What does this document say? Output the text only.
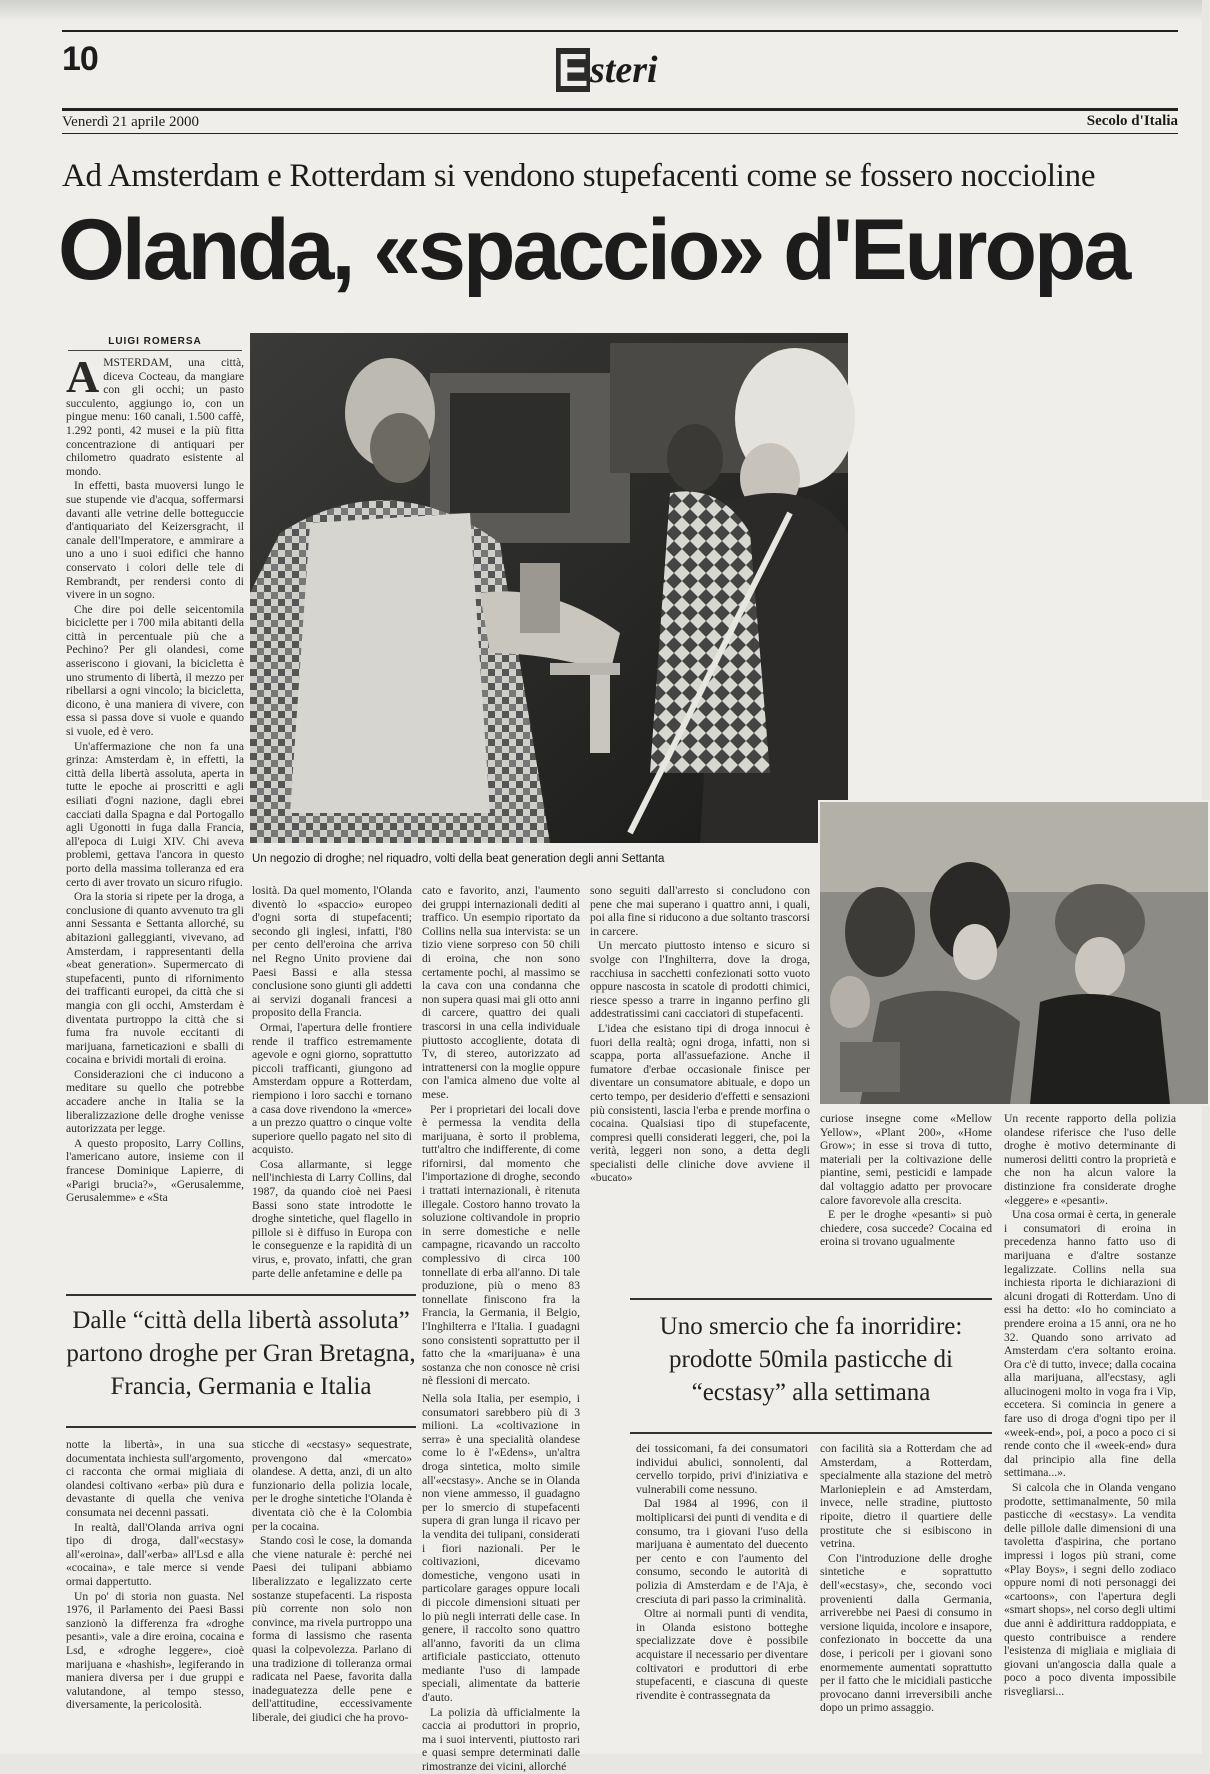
10	E steri
Venerdì 21 aprile 2000	Secolo d'Italia
Ad Amsterdam e Rotterdam si vendono stupefacenti come se fossero noccioline
Olanda, «spaccio» d'Europa
LUIGI ROMERSA
A MSTERDAM, una città, diceva Cocteau, da mangiare con gli occhi; un pasto succulento, aggiungo io, con un pingue menu: 160 canali, 1.500 caffè, 1.292 ponti, 42 musei e la più fitta concentrazione di antiquari per chilometro quadrato esistente al mondo.

In effetti, basta muoversi lungo le sue stupende vie d'acqua, soffermarsi davanti alle vetrine delle botteguccie d'antiquariato del Keizersgracht, il canale dell'Imperatore, e ammirare a uno a uno i suoi edifici che hanno conservato i colori delle tele di Rembrandt, per rendersi conto di vivere in un sogno.

Che dire poi delle seicentomila biciclette per i 700 mila abitanti della città in percentuale più che a Pechino? Per gli olandesi, come asseriscono i giovani, la bicicletta è uno strumento di libertà, il mezzo per ribellarsi a ogni vincolo; la bicicletta, dicono, è una maniera di vivere, con essa si passa dove si vuole e quando si vuole, ed è vero.

Un'affermazione che non fa una grinza: Amsterdam è, in effetti, la città della libertà assoluta, aperta in tutte le epoche ai proscritti e agli esiliati d'ogni nazione, dagli ebrei cacciati dalla Spagna e dal Portogallo agli Ugonotti in fuga dalla Francia, all'epoca di Luigi XIV. Chi aveva problemi, gettava l'ancora in questo porto della massima tolleranza ed era certo di aver trovato un sicuro rifugio.

Ora la storia si ripete per la droga, a conclusione di quanto avvenuto tra gli anni Sessanta e Settanta allorché, su abitazioni galleggianti, vivevano, ad Amsterdam, i rappresentanti della «beat generation». Supermercato di stupefacenti, punto di rifornimento dei trafficanti europei, da città che si mangia con gli occhi, Amsterdam è diventata purtroppo la città che si fuma fra nuvole eccitanti di marijuana, farneticazioni e sballi di cocaina e brividi mortali di eroina.

Considerazioni che ci inducono a meditare su quello che potrebbe accadere anche in Italia se la liberalizzazione delle droghe venisse autorizzata per legge.

A questo proposito, Larry Collins, l'americano autore, insieme con il francese Dominique Lapierre, di «Parigi brucia?», «Gerusalemme, Gerusalemme» e «Sta

Un negozio di droghe; nel riquadro, volti della beat generation degli anni Settanta

losità. Da quel momento, l'Olanda diventò lo «spaccio» europeo d'ogni sorta di stupefacenti; secondo gli inglesi, infatti, l'80 per cento dell'eroina che arriva nel Regno Unito proviene dai Paesi Bassi e alla stessa conclusione sono giunti gli addetti ai servizi doganali francesi a proposito della Francia.

Ormai, l'apertura delle frontiere rende il traffico estremamente agevole e ogni giorno, soprattutto piccoli trafficanti, giungono ad Amsterdam oppure a Rotterdam, riempiono i loro sacchi e tornano a casa dove rivendono la «merce» a un prezzo quattro o cinque volte superiore quello pagato nel sito di acquisto.

Cosa allarmante, si legge nell'inchiesta di Larry Collins, dal 1987, da quando cioè nei Paesi Bassi sono state introdotte le droghe sintetiche, quel flagello in pillole si è diffuso in Europa con le conseguenze e la rapidità di un virus, e, provato, infatti, che gran parte delle anfetamine e delle pa

cato e favorito, anzi, l'aumento dei gruppi internazionali dediti al traffico. Un esempio riportato da Collins nella sua intervista: se un tizio viene sorpreso con 50 chili di eroina, che non sono certamente pochi, al massimo se la cava con una condanna che non supera quasi mai gli otto anni di carcere, quattro dei quali trascorsi in una cella individuale piuttosto accogliente, dotata di Tv, di stereo, autorizzato ad intrattenersi con la moglie oppure con l'amica almeno due volte al mese.

Per i proprietari dei locali dove è permessa la vendita della marijuana, è sorto il problema, tutt'altro che indifferente, di come rifornirsi, dal momento che l'importazione di droghe, secondo i trattati internazionali, è ritenuta illegale. Costoro hanno trovato la soluzione coltivandole in proprio in serre domestiche e nelle campagne, ricavando un raccolto complessivo di circa 100 tonnellate di erba all'anno. Di tale produzione, più o meno 83 tonnellate finiscono fra la Francia, la Germania, il Belgio, l'Inghilterra e l'Italia. I guadagni sono consistenti soprattutto per il fatto che la «marijuana» è una sostanza che non conosce nè crisi nè flessioni di mercato.

sono seguiti dall'arresto si concludono con pene che mai superano i quattro anni, i quali, poi alla fine si riducono a due soltanto trascorsi in carcere.

Un mercato piuttosto intenso e sicuro si svolge con l'Inghilterra, dove la droga, racchiusa in sacchetti confezionati sotto vuoto oppure nascosta in scatole di prodotti chimici, riesce spesso a trarre in inganno perfino gli addestratissimi cani cacciatori di stupefacenti.

L'idea che esistano tipi di droga innocui è fuori della realtà; ogni droga, infatti, non si scappa, porta all'assuefazione. Anche il fumatore d'erbae occasionale finisce per diventare un consumatore abituale, e dopo un certo tempo, per desiderio d'effetti e sensazioni più consistenti, lascia l'erba e prende morfina o cocaina. Qualsiasi tipo di stupefacente, compresi quelli considerati leggeri, che, poi la verità, leggeri non sono, a detta degli specialisti delle cliniche dove avviene il «bucato»

curiose insegne come «Mellow Yellow», «Plant 200», «Home Grow»; in esse si trova di tutto, materiali per la coltivazione delle piantine, semi, pesticidi e lampade dal voltaggio adatto per provocare calore favorevole alla crescita.

E per le droghe «pesanti» si può chiedere, cosa succede? Cocaina ed eroina si trovano ugualmente

Un recente rapporto della polizia olandese riferisce che l'uso delle droghe è motivo determinante di numerosi delitti contro la proprietà e che non ha alcun valore la distinzione fra considerate droghe «leggere» e «pesanti».

Una cosa ormai è certa, in generale i consumatori di eroina in precedenza hanno fatto uso di marijuana e d'altre sostanze legalizzate. Collins nella sua inchiesta riporta le dichiarazioni di alcuni drogati di Rotterdam. Uno di essi ha detto: «Io ho cominciato a prendere eroina a 15 anni, ora ne ho 32. Quando sono arrivato ad Amsterdam c'era soltanto eroina. Ora c'è di tutto, invece; dalla cocaina alla marijuana, all'ecstasy, agli allucinogeni molto in voga fra i Vip, eccetera. Si comincia in genere a fare uso di droga d'ogni tipo per il «week-end», poi, a poco a poco ci si rende conto che il «week-end» dura dal principio alla fine della settimana...».

Si calcola che in Olanda vengano prodotte, settimanalmente, 50 mila pasticche di «ecstasy». La vendita delle pillole dalle dimensioni di una tavoletta d'aspirina, che portano impressi i logos più strani, come «Play Boys», i segni dello zodiaco oppure nomi di noti personaggi dei «cartoons», con l'apertura degli «smart shops», nel corso degli ultimi due anni è addirittura raddoppiata, e questo contribuisce a rendere l'esistenza di migliaia e migliaia di giovani un'angoscia dalla quale a poco a poco diventa impossibile risvegliarsi...

Dalle “città della libertà assoluta” partono droghe per Gran Bretagna, Francia, Germania e Italia
Uno smercio che fa inorridire: prodotte 50mila pasticche di “ecstasy” alla settimana

notte la libertà», in una sua documentata inchiesta sull'argomento, ci racconta che ormai migliaia di olandesi coltivano «erba» più dura e devastante di quella che veniva consumata nei decenni passati.

In realtà, dall'Olanda arriva ogni tipo di droga, dall'«ecstasy» all'«eroina», dall'«erba» all'Lsd e alla «cocaina», e tale merce si vende ormai dappertutto.

Un po' di storia non guasta. Nel 1976, il Parlamento dei Paesi Bassi sanzionò la differenza fra «droghe pesanti», vale a dire eroina, cocaina e Lsd, e «droghe leggere», cioè marijuana e «hashish», legiferando in maniera diversa per i due gruppi e valutandone, al tempo stesso, diversamente, la pericolosità.

sticche di «ecstasy» sequestrate, provengono dal «mercato» olandese. A detta, anzi, di un alto funzionario della polizia locale, per le droghe sintetiche l'Olanda è diventata ciò che è la Colombia per la cocaina.

Stando così le cose, la domanda che viene naturale è: perché nei Paesi dei tulipani abbiamo liberalizzato e legalizzato certe sostanze stupefacenti. La risposta più corrente non solo non convince, ma rivela purtroppo una forma di lassismo che rasenta quasi la colpevolezza. Parlano di una tradizione di tolleranza ormai radicata nel Paese, favorita dalla inadeguatezza delle pene e dell'attitudine, eccessivamente liberale, dei giudici che ha provo-

Nella sola Italia, per esempio, i consumatori sarebbero più di 3 milioni. La «coltivazione in serra» è una specialità olandese come lo è l'«Edens», un'altra droga sintetica, molto simile all'«ecstasy». Anche se in Olanda non viene ammesso, il guadagno per lo smercio di stupefacenti supera di gran lunga il ricavo per la vendita dei tulipani, considerati i fiori nazionali. Per le coltivazioni, dicevamo domestiche, vengono usati in particolare garages oppure locali di piccole dimensioni situati per lo più negli interrati delle case. In genere, il raccolto sono quattro all'anno, favoriti da un clima artificiale pasticciato, ottenuto mediante l'uso di lampade speciali, alimentate da batterie d'auto.

La polizia dà ufficialmente la caccia ai produttori in proprio, ma i suoi interventi, piuttosto rari e quasi sempre determinati dalle rimostranze dei vicini, allorché

dei tossicomani, fa dei consumatori individui abulici, sonnolenti, dal cervello torpido, privi d'iniziativa e vulnerabili come nessuno.

Dal 1984 al 1996, con il moltiplicarsi dei punti di vendita e di consumo, tra i giovani l'uso della marijuana è aumentato del duecento per cento e con l'aumento del consumo, secondo le autorità di polizia di Amsterdam e de l'Aja, è cresciuta di pari passo la criminalità.

Oltre ai normali punti di vendita, in Olanda esistono botteghe specializzate dove è possibile acquistare il necessario per diventare coltivatori e produttori di erbe stupefacenti, e ciascuna di queste rivendite è contrassegnata da

con facilità sia a Rotterdam che ad Amsterdam, a Rotterdam, specialmente alla stazione del metrò Marlonieplein e ad Amsterdam, invece, nelle stradine, piuttosto ripoite, dietro il quartiere delle prostitute che si esibiscono in vetrina.

Con l'introduzione delle droghe sintetiche e soprattutto dell'«ecstasy», che, secondo voci provenienti dalla Germania, arriverebbe nei Paesi di consumo in versione liquida, incolore e insapore, confezionato in boccette da una dose, i pericoli per i giovani sono enormemente aumentati soprattutto per il fatto che le micidiali pasticche provocano danni irreversibili anche dopo un primo assaggio.
